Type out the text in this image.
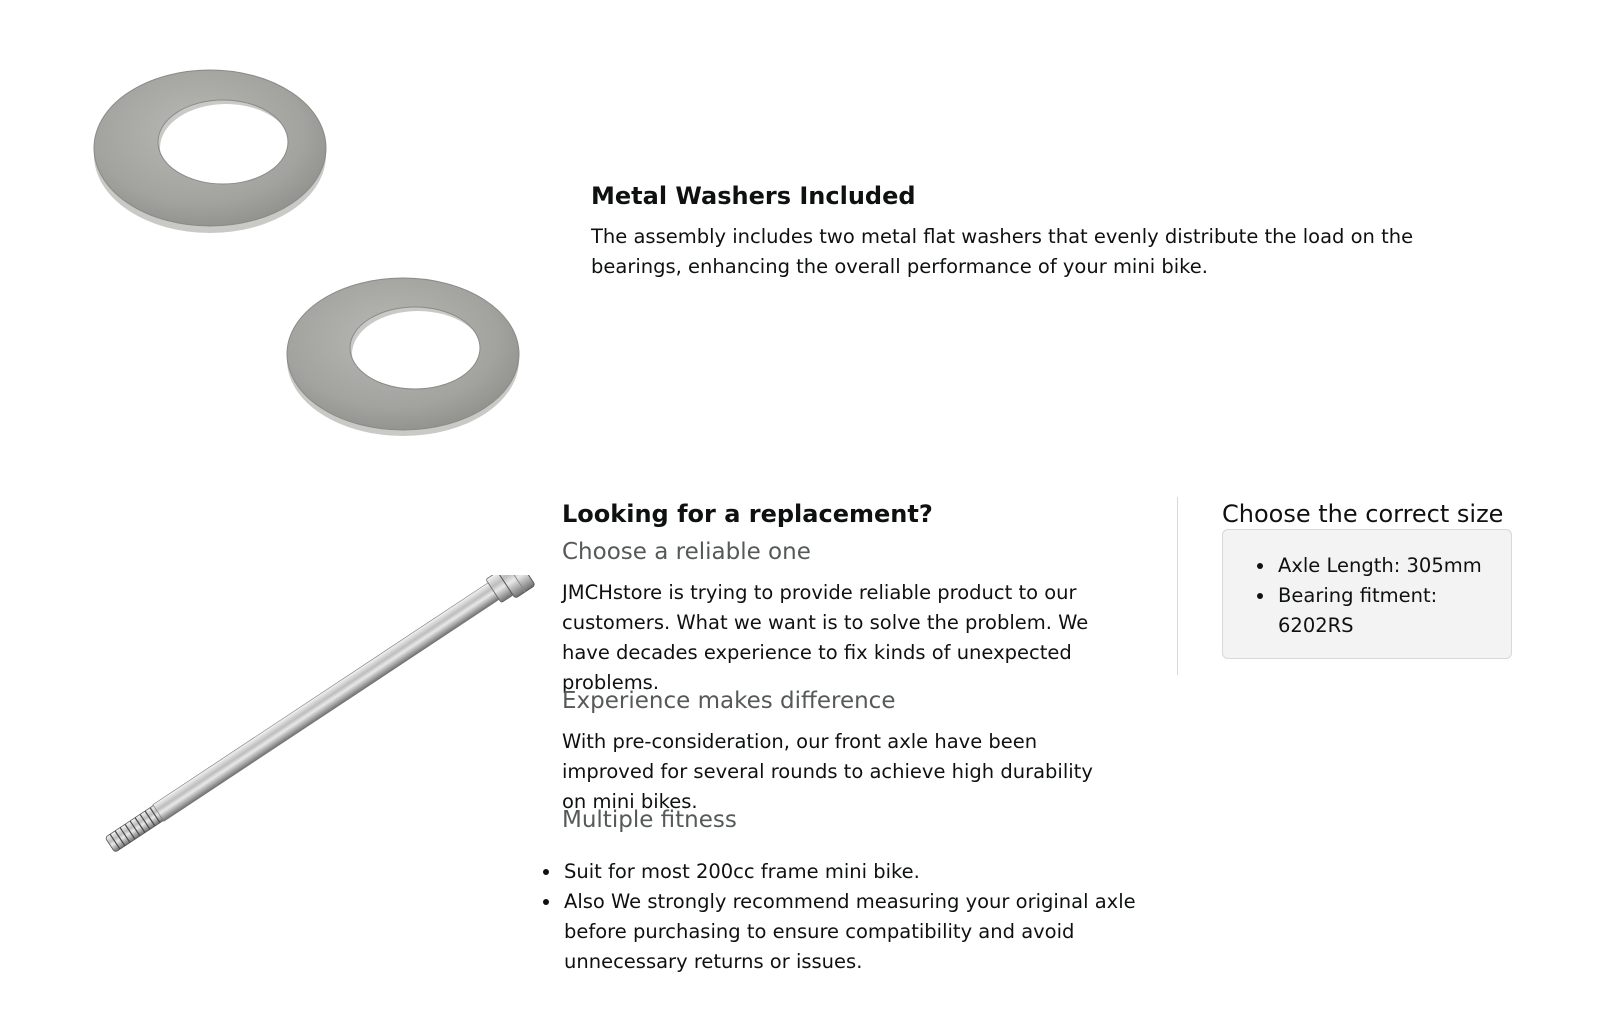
Metal Washers Included

The assembly includes two metal flat washers that evenly distribute the load on the bearings, enhancing the overall performance of your mini bike.

Looking for a replacement?
Choose a reliable one

JMCHstore is trying to provide reliable product to our customers. What we want is to solve the problem. We have decades experience to fix kinds of unexpected problems.

Experience makes difference

With pre-consideration, our front axle have been improved for several rounds to achieve high durability on mini bikes.

Multiple fitness
• Suit for most 200cc frame mini bike.
• Also We strongly recommend measuring your original axle before purchasing to ensure compatibility and avoid unnecessary returns or issues.
Choose the correct size
• Axle Length: 305mm
• Bearing fitment: 6202RS
